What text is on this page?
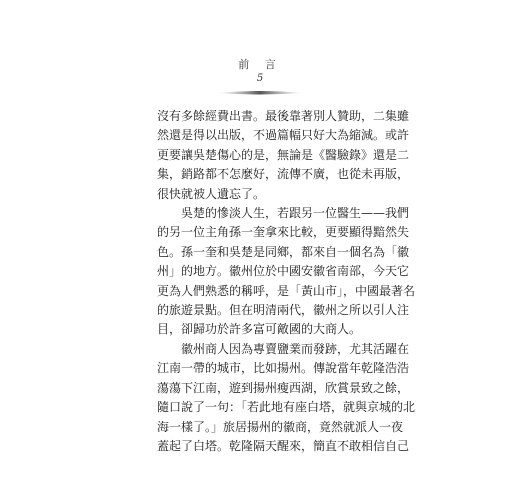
前 言
5

沒有多餘經費出書。最後靠著別人贊助，二集雖
然還是得以出版，不過篇幅只好大為縮減。或許
更要讓吳楚傷心的是，無論是《醫驗錄》還是二
集，銷路都不怎麼好，流傳不廣，也從未再版，
很快就被人遺忘了。

吳楚的慘淡人生，若跟另一位醫生——我們
的另一位主角孫一奎拿來比較，更要顯得黯然失
色。孫一奎和吳楚是同鄉，都來自一個名為「徽
州」的地方。徽州位於中國安徽省南部，今天它
更為人們熟悉的稱呼，是「黃山市」，中國最著名
的旅遊景點。但在明清兩代，徽州之所以引人注
目，卻歸功於許多富可敵國的大商人。

徽州商人因為專賣鹽業而發跡，尤其活躍在
江南一帶的城市，比如揚州。傳說當年乾隆浩浩
蕩蕩下江南，遊到揚州瘦西湖，欣賞景致之餘，
隨口說了一句：「若此地有座白塔，就與京城的北
海一樣了。」旅居揚州的徽商，竟然就派人一夜
蓋起了白塔。乾隆隔天醒來，簡直不敢相信自己
